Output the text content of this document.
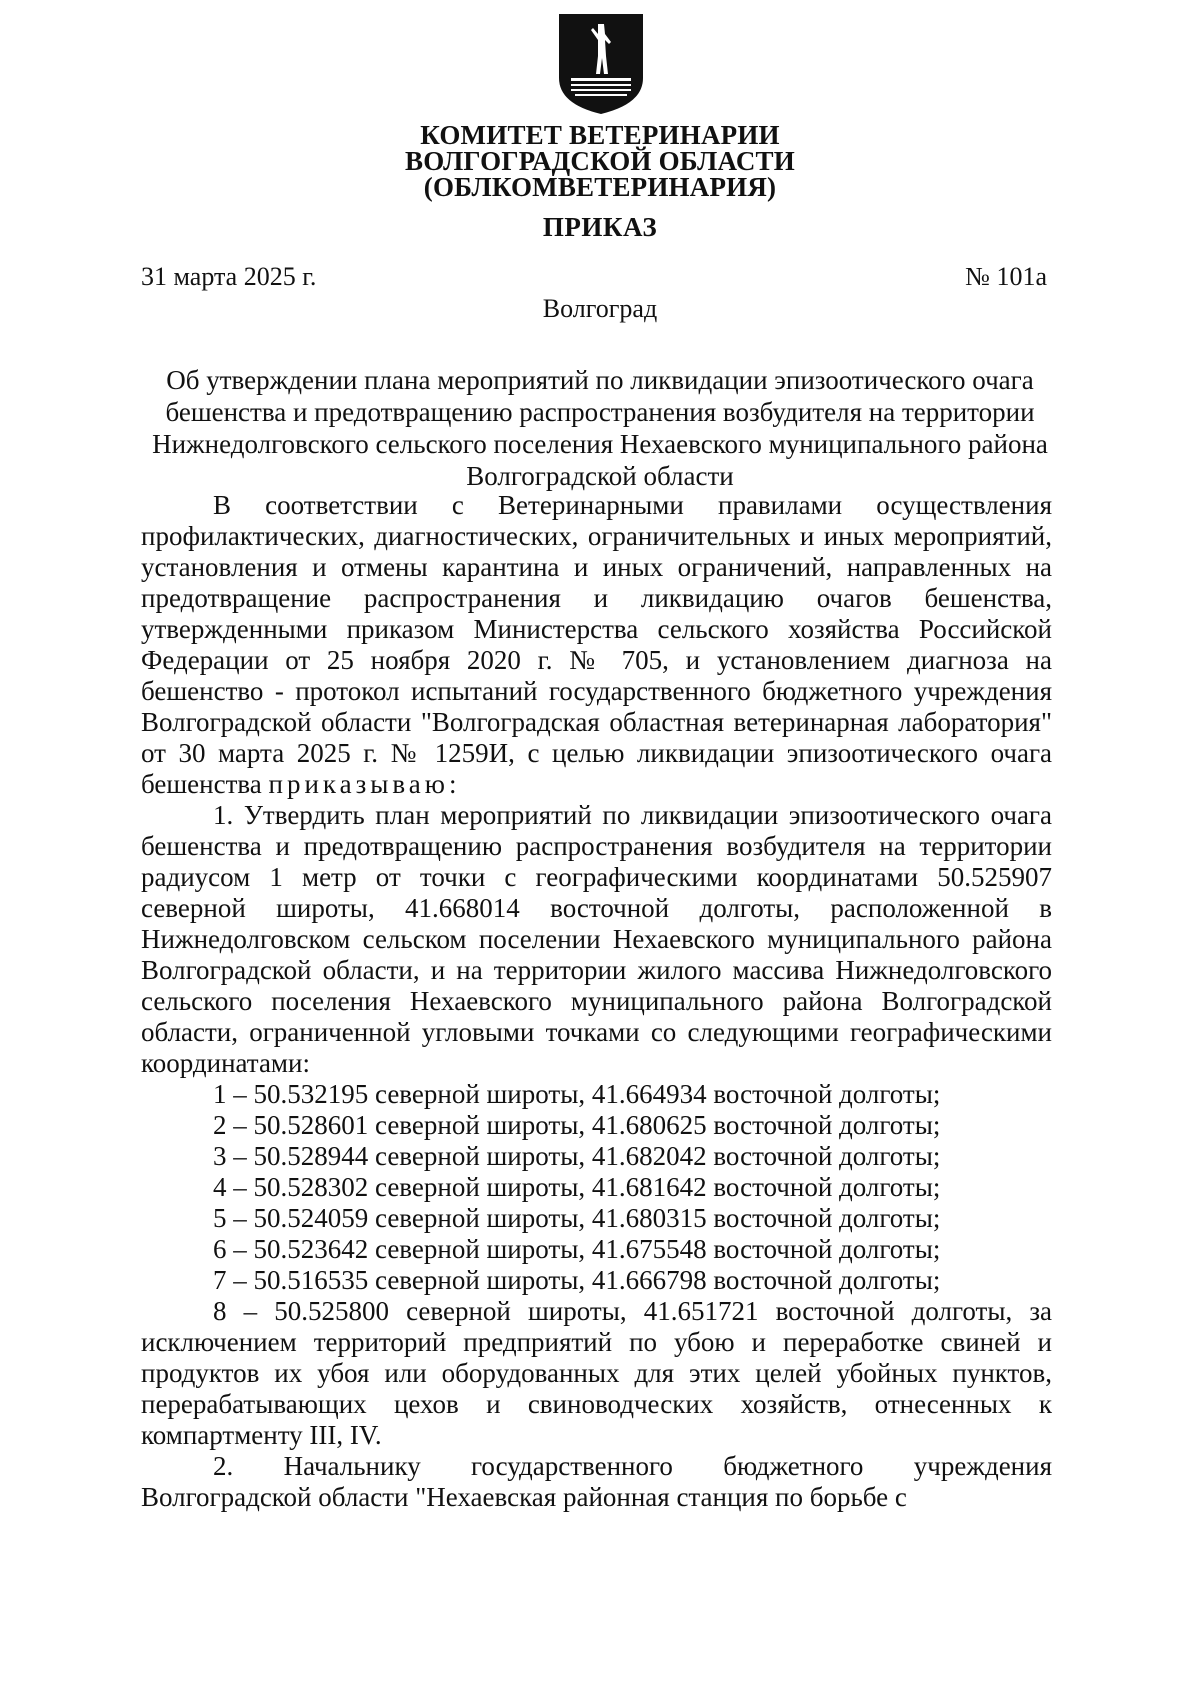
КОМИТЕТ ВЕТЕРИНАРИИ
ВОЛГОГРАДСКОЙ ОБЛАСТИ
(ОБЛКОМВЕТЕРИНАРИЯ)
ПРИКАЗ
31 марта 2025 г.	№ 101а
Волгоград
Об утверждении плана мероприятий по ликвидации эпизоотического очага бешенства и предотвращению распространения возбудителя на территории Нижнедолговского сельского поселения Нехаевского муниципального района Волгоградской области

В соответствии с Ветеринарными правилами осуществления профилактических, диагностических, ограничительных и иных мероприятий, установления и отмены карантина и иных ограничений, направленных на предотвращение распространения и ликвидацию очагов бешенства, утвержденными приказом Министерства сельского хозяйства Российской Федерации от 25 ноября 2020 г. № 705, и установлением диагноза на бешенство - протокол испытаний государственного бюджетного учреждения Волгоградской области "Волгоградская областная ветеринарная лаборатория" от 30 марта 2025 г. № 1259И, с целью ликвидации эпизоотического очага бешенства приказываю:

1. Утвердить план мероприятий по ликвидации эпизоотического очага бешенства и предотвращению распространения возбудителя на территории радиусом 1 метр от точки с географическими координатами 50.525907 северной широты, 41.668014 восточной долготы, расположенной в Нижнедолговском сельском поселении Нехаевского муниципального района Волгоградской области, и на территории жилого массива Нижнедолговского сельского поселения Нехаевского муниципального района Волгоградской области, ограниченной угловыми точками со следующими географическими координатами:

1 – 50.532195 северной широты, 41.664934 восточной долготы;

2 – 50.528601 северной широты, 41.680625 восточной долготы;

3 – 50.528944 северной широты, 41.682042 восточной долготы;

4 – 50.528302 северной широты, 41.681642 восточной долготы;

5 – 50.524059 северной широты, 41.680315 восточной долготы;

6 – 50.523642 северной широты, 41.675548 восточной долготы;

7 – 50.516535 северной широты, 41.666798 восточной долготы;

8 – 50.525800 северной широты, 41.651721 восточной долготы, за исключением территорий предприятий по убою и переработке свиней и продуктов их убоя или оборудованных для этих целей убойных пунктов, перерабатывающих цехов и свиноводческих хозяйств, отнесенных к компартменту III, IV.

2. Начальнику государственного бюджетного учреждения Волгоградской области "Нехаевская районная станция по борьбе с
